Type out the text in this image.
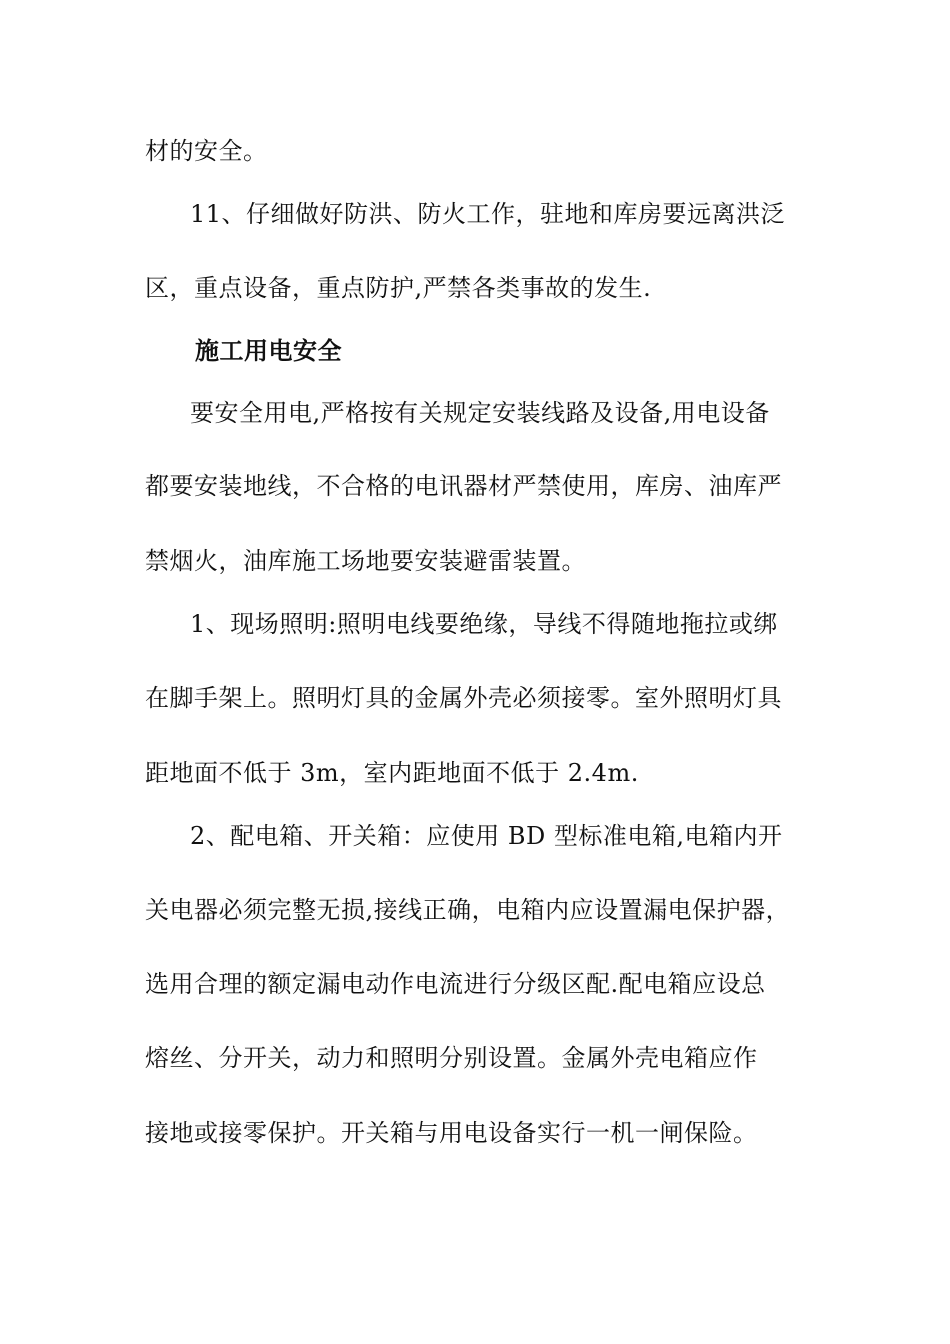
材的安全。
11、仔细做好防洪、防火工作，驻地和库房要远离洪泛
区，重点设备，重点防护,严禁各类事故的发生.
施工用电安全
要安全用电,严格按有关规定安装线路及设备,用电设备
都要安装地线，不合格的电讯器材严禁使用，库房、油库严
禁烟火，油库施工场地要安装避雷装置。
1、现场照明:照明电线要绝缘，导线不得随地拖拉或绑
在脚手架上。照明灯具的金属外壳必须接零。室外照明灯具
距地面不低于 3m，室内距地面不低于 2.4m.
2、配电箱、开关箱：应使用 BD 型标准电箱,电箱内开
关电器必须完整无损,接线正确，电箱内应设置漏电保护器，
选用合理的额定漏电动作电流进行分级区配.配电箱应设总
熔丝、分开关，动力和照明分别设置。金属外壳电箱应作
接地或接零保护。开关箱与用电设备实行一机一闸保险。
